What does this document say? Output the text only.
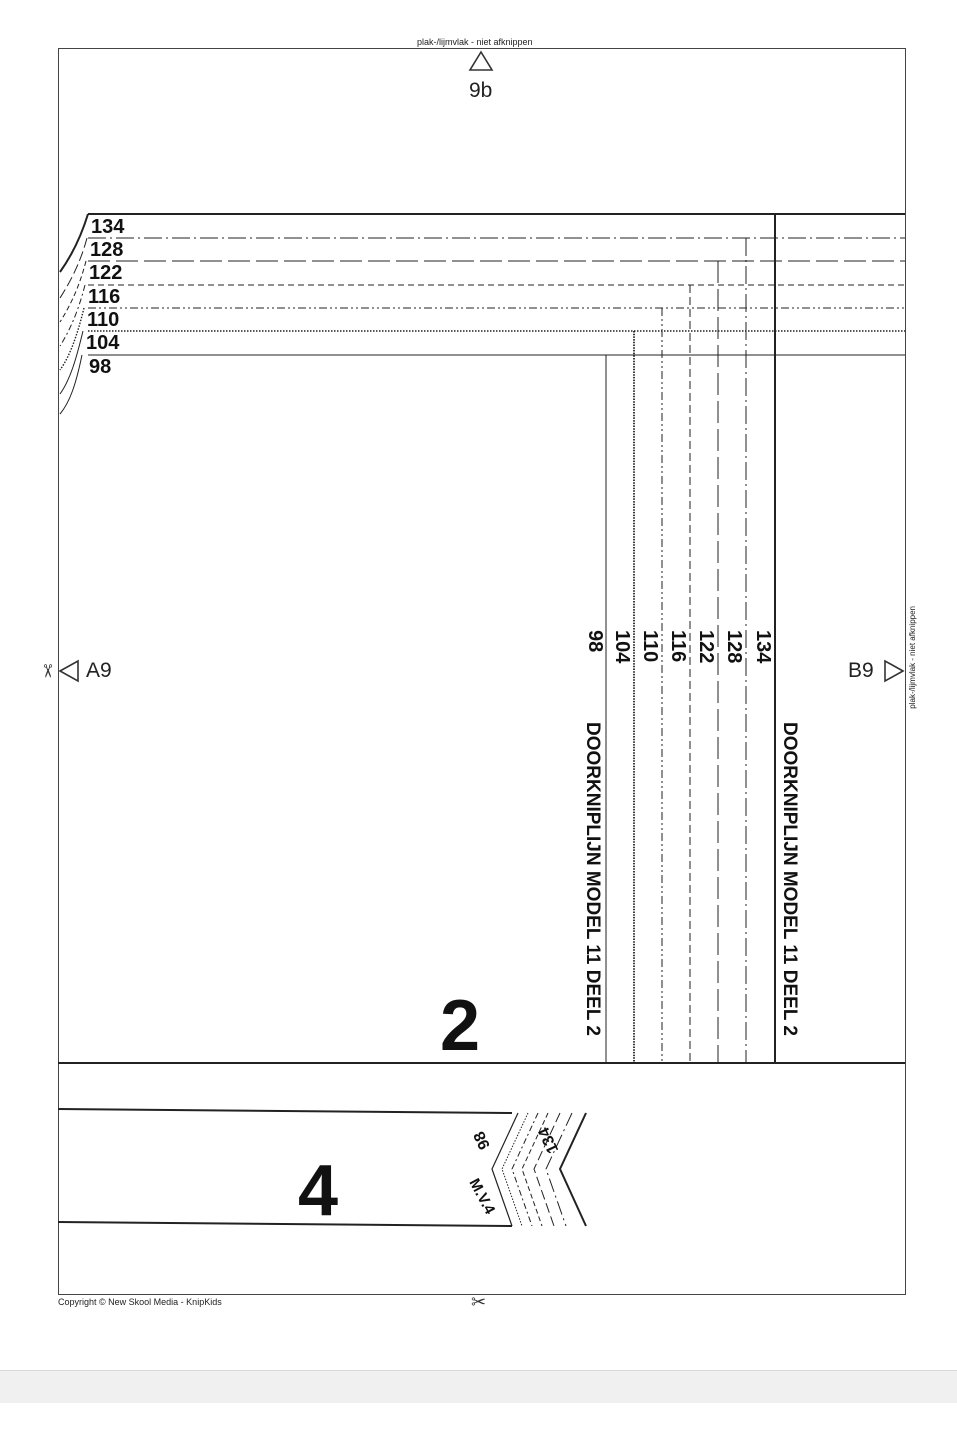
plak-/lijmvlak - niet afknippen
9b
✂ A9	B9	plak-/lijmvlak - niet afknippen
134
128
122
116
110
104
98
98 104 110 116 122 128 134
DOORKNIPLIJN MODEL 11 DEEL 2	DOORKNIPLIJN MODEL 11 DEEL 2
2
4
98	134
M.V.4
Copyright © New Skool Media - KnipKids	✂
